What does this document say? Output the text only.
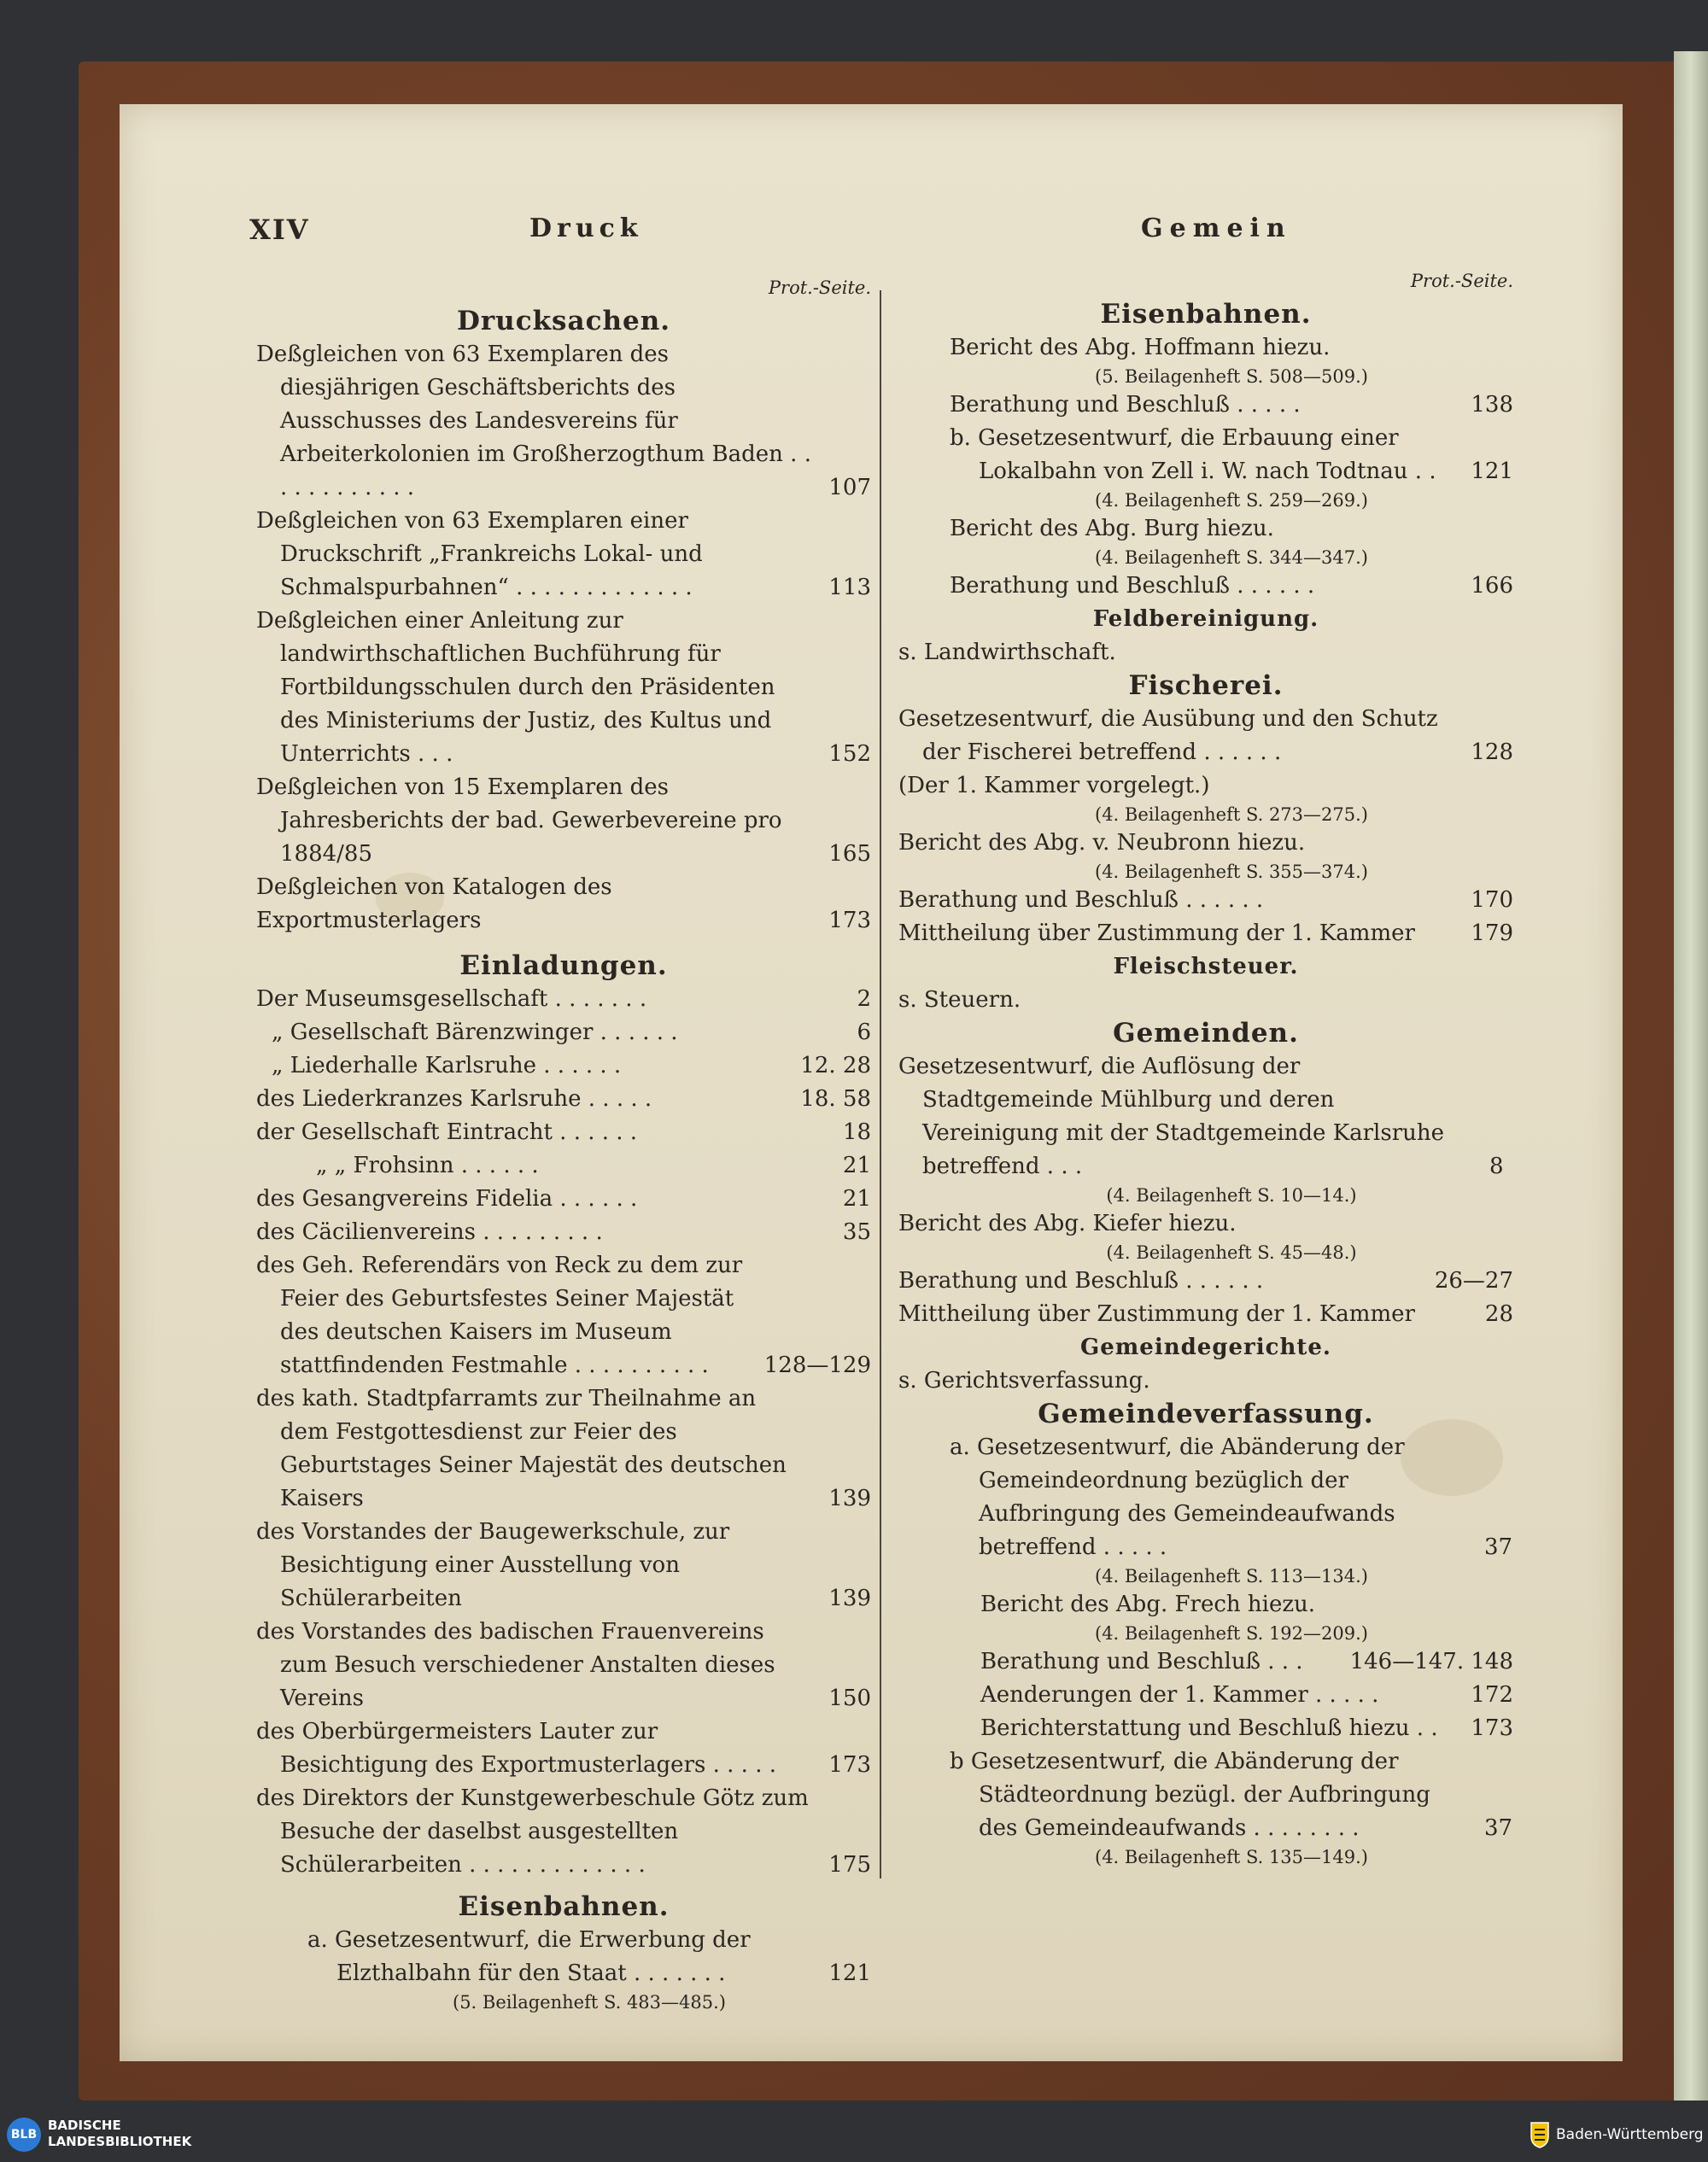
XIV	Druck	Gemein
Prot.-Seite.
Drucksachen.
Deßgleichen von 63 Exemplaren des diesjährigen Geschäftsberichts des Ausschusses des Landesvereins für Arbeiterkolonien im Großherzogthum Baden . . . . . . . . . . . .	107
Deßgleichen von 63 Exemplaren einer Druckschrift „Frankreichs Lokal- und Schmalspurbahnen“ . . . . . . . . . . . . .	113
Deßgleichen einer Anleitung zur landwirthschaftlichen Buchführung für Fortbildungsschulen durch den Präsidenten des Ministeriums der Justiz, des Kultus und Unterrichts . . .	152
Deßgleichen von 15 Exemplaren des Jahresberichts der bad. Gewerbevereine pro 1884/85	165
Deßgleichen von Katalogen des Exportmusterlagers	173
Einladungen.
Der Museumsgesellschaft . . . . . . .	2
„ Gesellschaft Bärenzwinger . . . . . .	6
„ Liederhalle Karlsruhe . . . . . .	12. 28
des Liederkranzes Karlsruhe . . . . .	18. 58
der Gesellschaft Eintracht . . . . . .	18
„ „ Frohsinn . . . . . .	21
des Gesangvereins Fidelia . . . . . .	21
des Cäcilienvereins . . . . . . . . .	35
des Geh. Referendärs von Reck zu dem zur Feier des Geburtsfestes Seiner Majestät des deutschen Kaisers im Museum stattfindenden Festmahle . . . . . . . . . .	128—129
des kath. Stadtpfarramts zur Theilnahme an dem Festgottesdienst zur Feier des Geburtstages Seiner Majestät des deutschen Kaisers	139
des Vorstandes der Baugewerkschule, zur Besichtigung einer Ausstellung von Schülerarbeiten	139
des Vorstandes des badischen Frauenvereins zum Besuch verschiedener Anstalten dieses Vereins	150
des Oberbürgermeisters Lauter zur Besichtigung des Exportmusterlagers . . . . .	173
des Direktors der Kunstgewerbeschule Götz zum Besuche der daselbst ausgestellten Schülerarbeiten . . . . . . . . . . . . .	175
Eisenbahnen.
a. Gesetzesentwurf, die Erwerbung der Elzthalbahn für den Staat . . . . . . .	121
(5. Beilagenheft S. 483—485.)
Prot.-Seite.
Eisenbahnen.
Bericht des Abg. Hoffmann hiezu.
(5. Beilagenheft S. 508—509.)
Berathung und Beschluß . . . . .	138
b. Gesetzesentwurf, die Erbauung einer Lokalbahn von Zell i. W. nach Todtnau . .	121
(4. Beilagenheft S. 259—269.)
Bericht des Abg. Burg hiezu.
(4. Beilagenheft S. 344—347.)
Berathung und Beschluß . . . . . .	166
Feldbereinigung.
s. Landwirthschaft.
Fischerei.
Gesetzesentwurf, die Ausübung und den Schutz der Fischerei betreffend . . . . . .	128
(Der 1. Kammer vorgelegt.)
(4. Beilagenheft S. 273—275.)
Bericht des Abg. v. Neubronn hiezu.
(4. Beilagenheft S. 355—374.)
Berathung und Beschluß . . . . . .	170
Mittheilung über Zustimmung der 1. Kammer	179
Fleischsteuer.
s. Steuern.
Gemeinden.
Gesetzesentwurf, die Auflösung der Stadtgemeinde Mühlburg und deren Vereinigung mit der Stadtgemeinde Karlsruhe betreffend . . .	8
(4. Beilagenheft S. 10—14.)
Bericht des Abg. Kiefer hiezu.
(4. Beilagenheft S. 45—48.)
Berathung und Beschluß . . . . . .	26—27
Mittheilung über Zustimmung der 1. Kammer	28
Gemeindegerichte.
s. Gerichtsverfassung.
Gemeindeverfassung.
a. Gesetzesentwurf, die Abänderung der Gemeindeordnung bezüglich der Aufbringung des Gemeindeaufwands betreffend . . . . .	37
(4. Beilagenheft S. 113—134.)
Bericht des Abg. Frech hiezu.
(4. Beilagenheft S. 192—209.)
Berathung und Beschluß . . .	146—147. 148
Aenderungen der 1. Kammer . . . . .	172
Berichterstattung und Beschluß hiezu . .	173
b Gesetzesentwurf, die Abänderung der Städteordnung bezügl. der Aufbringung des Gemeindeaufwands . . . . . . . .	37
(4. Beilagenheft S. 135—149.)
BLB
BADISCHE
LANDESBIBLIOTHEK	Baden-Württemberg
